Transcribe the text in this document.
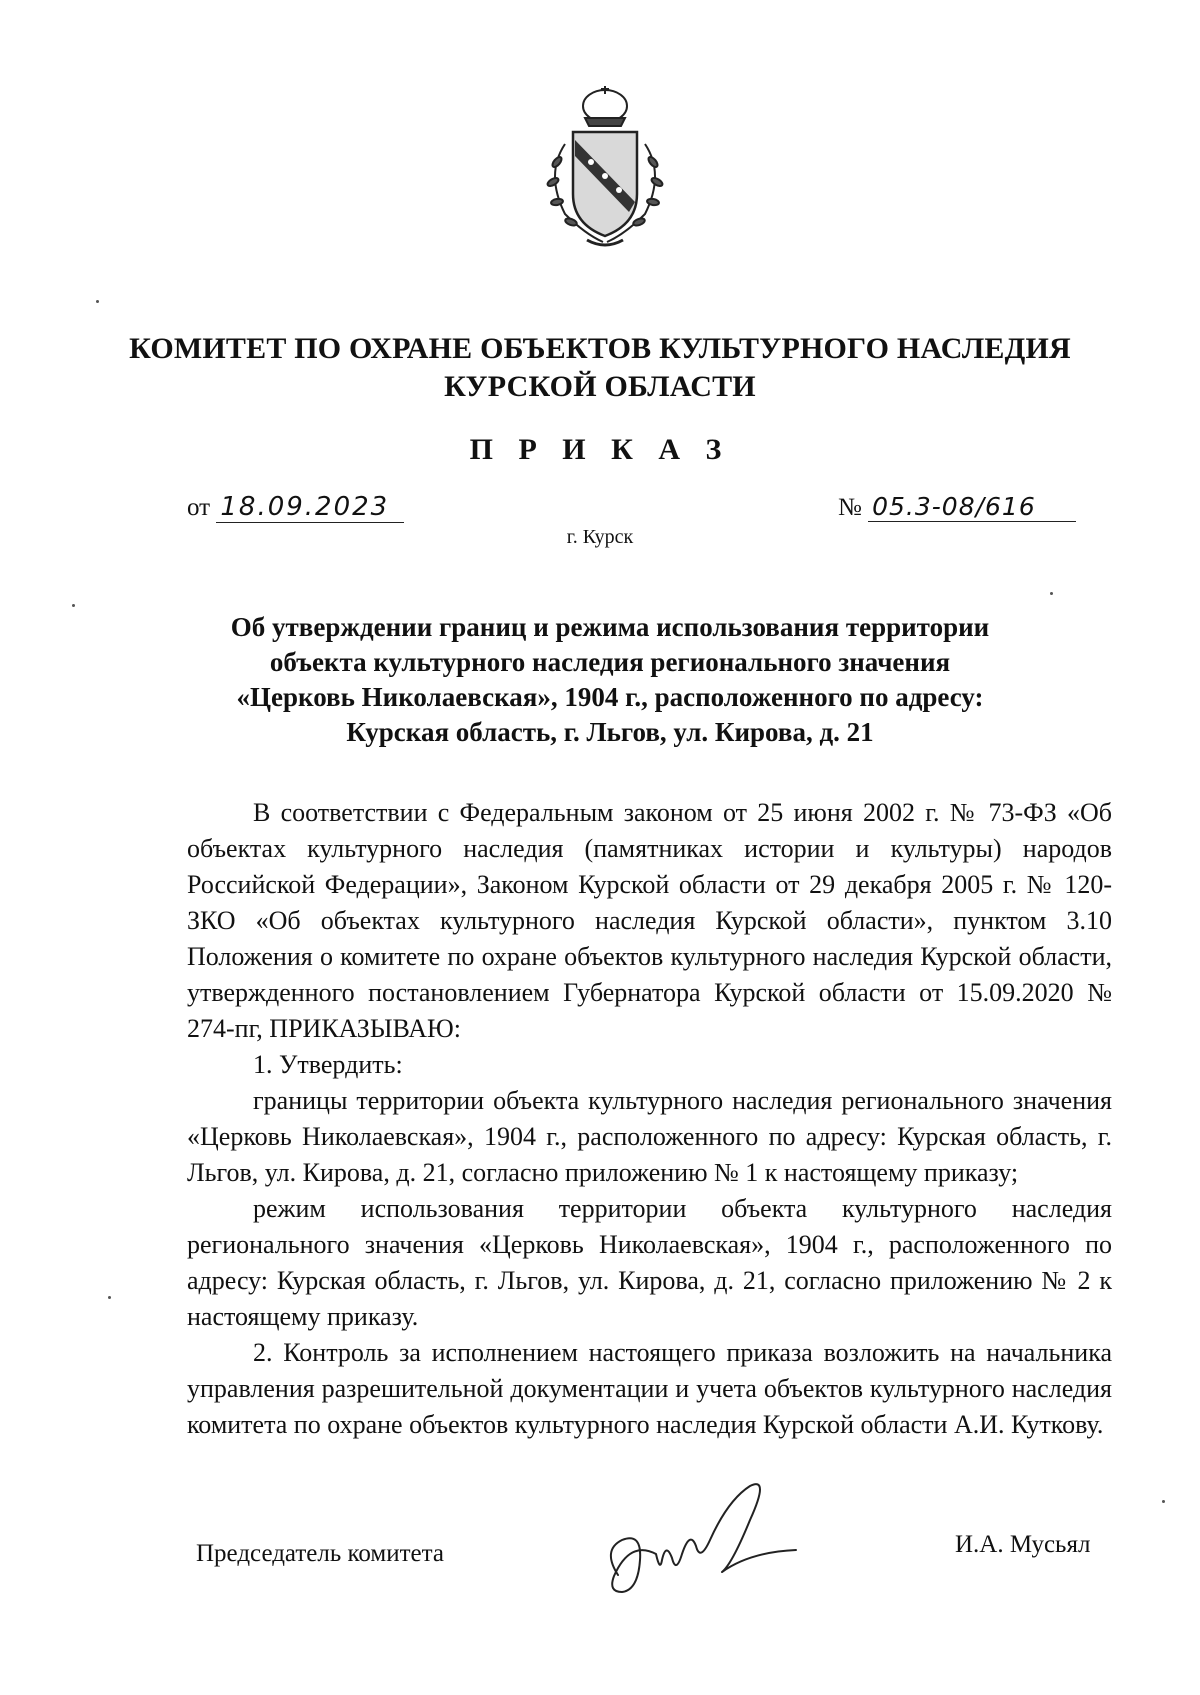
КОМИТЕТ ПО ОХРАНЕ ОБЪЕКТОВ КУЛЬТУРНОГО НАСЛЕДИЯ
КУРСКОЙ ОБЛАСТИ
П Р И К А З
от 18.09.2023	№ 05.3-08/616
г. Курск
Об утверждении границ и режима использования территории
объекта культурного наследия регионального значения
«Церковь Николаевская», 1904 г., расположенного по адресу:
Курская область, г. Льгов, ул. Кирова, д. 21

В соответствии с Федеральным законом от 25 июня 2002 г. № 73-ФЗ «Об объектах культурного наследия (памятниках истории и культуры) народов Российской Федерации», Законом Курской области от 29 декабря 2005 г. № 120-ЗКО «Об объектах культурного наследия Курской области», пунктом 3.10 Положения о комитете по охране объектов культурного наследия Курской области, утвержденного постановлением Губернатора Курской области от 15.09.2020 № 274-пг, ПРИКАЗЫВАЮ:

1. Утвердить:

границы территории объекта культурного наследия регионального значения «Церковь Николаевская», 1904 г., расположенного по адресу: Курская область, г. Льгов, ул. Кирова, д. 21, согласно приложению № 1 к настоящему приказу;

режим использования территории объекта культурного наследия регионального значения «Церковь Николаевская», 1904 г., расположенного по адресу: Курская область, г. Льгов, ул. Кирова, д. 21, согласно приложению № 2 к настоящему приказу.

2. Контроль за исполнением настоящего приказа возложить на начальника управления разрешительной документации и учета объектов культурного наследия комитета по охране объектов культурного наследия Курской области А.И. Куткову.

Председатель комитета	И.А. Мусьял
